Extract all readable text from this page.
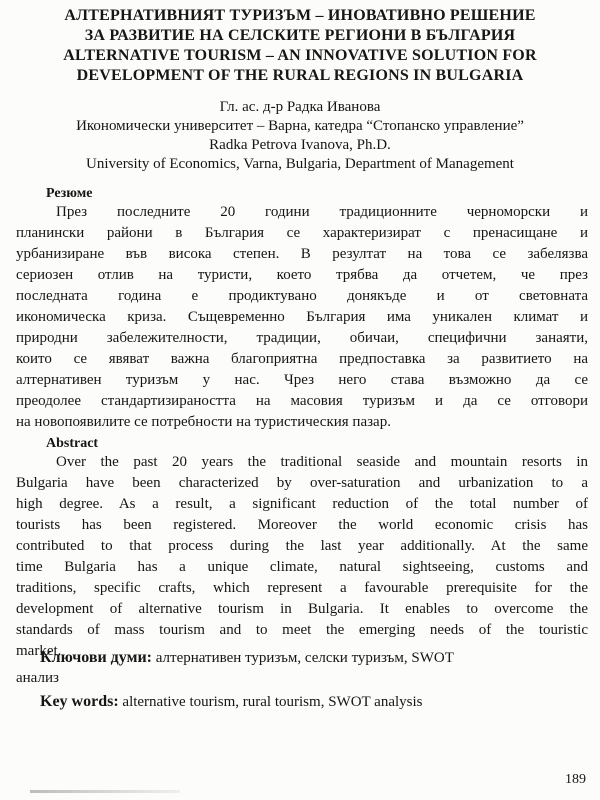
АЛТЕРНАТИВНИЯТ ТУРИЗЪМ – ИНОВАТИВНО РЕШЕНИЕ
ЗА РАЗВИТИЕ НА СЕЛСКИТЕ РЕГИОНИ В БЪЛГАРИЯ
ALTERNATIVE TOURISM – AN INNOVATIVE SOLUTION FOR
DEVELOPMENT OF THE RURAL REGIONS IN BULGARIA
Гл. ас. д-р Радка Иванова
Икономически университет – Варна, катедра “Стопанско управление”
Radka Petrova Ivanova, Ph.D.
University of Economics, Varna, Bulgaria, Department of Management
Резюме
През последните 20 години традиционните черноморски и
планински райони в България се характеризират с пренасищане и
урбанизиране във висока степен. В резултат на това се забелязва
сериозен отлив на туристи, което трябва да отчетем, че през
последната година е продиктувано донякъде и от световната
икономическа криза. Същевременно България има уникален климат и
природни забележителности, традиции, обичаи, специфични занаяти,
които се явяват важна благоприятна предпоставка за развитието на
алтернативен туризъм у нас. Чрез него става възможно да се
преодолее стандартизираността на масовия туризъм и да се отговори
на новопоявилите се потребности на туристическия пазар.
Abstract
Over the past 20 years the traditional seaside and mountain resorts in
Bulgaria have been characterized by over-saturation and urbanization to a
high degree. As a result, a significant reduction of the total number of
tourists has been registered. Moreover the world economic crisis has
contributed to that process during the last year additionally. At the same
time Bulgaria has a unique climate, natural sightseeing, customs and
traditions, specific crafts, which represent a favourable prerequisite for the
development of alternative tourism in Bulgaria. It enables to overcome the
standards of mass tourism and to meet the emerging needs of the touristic
market.
Ключови думи: алтернативен туризъм, селски туризъм, SWOT
анализ
Key words: alternative tourism, rural tourism, SWOT analysis
189
